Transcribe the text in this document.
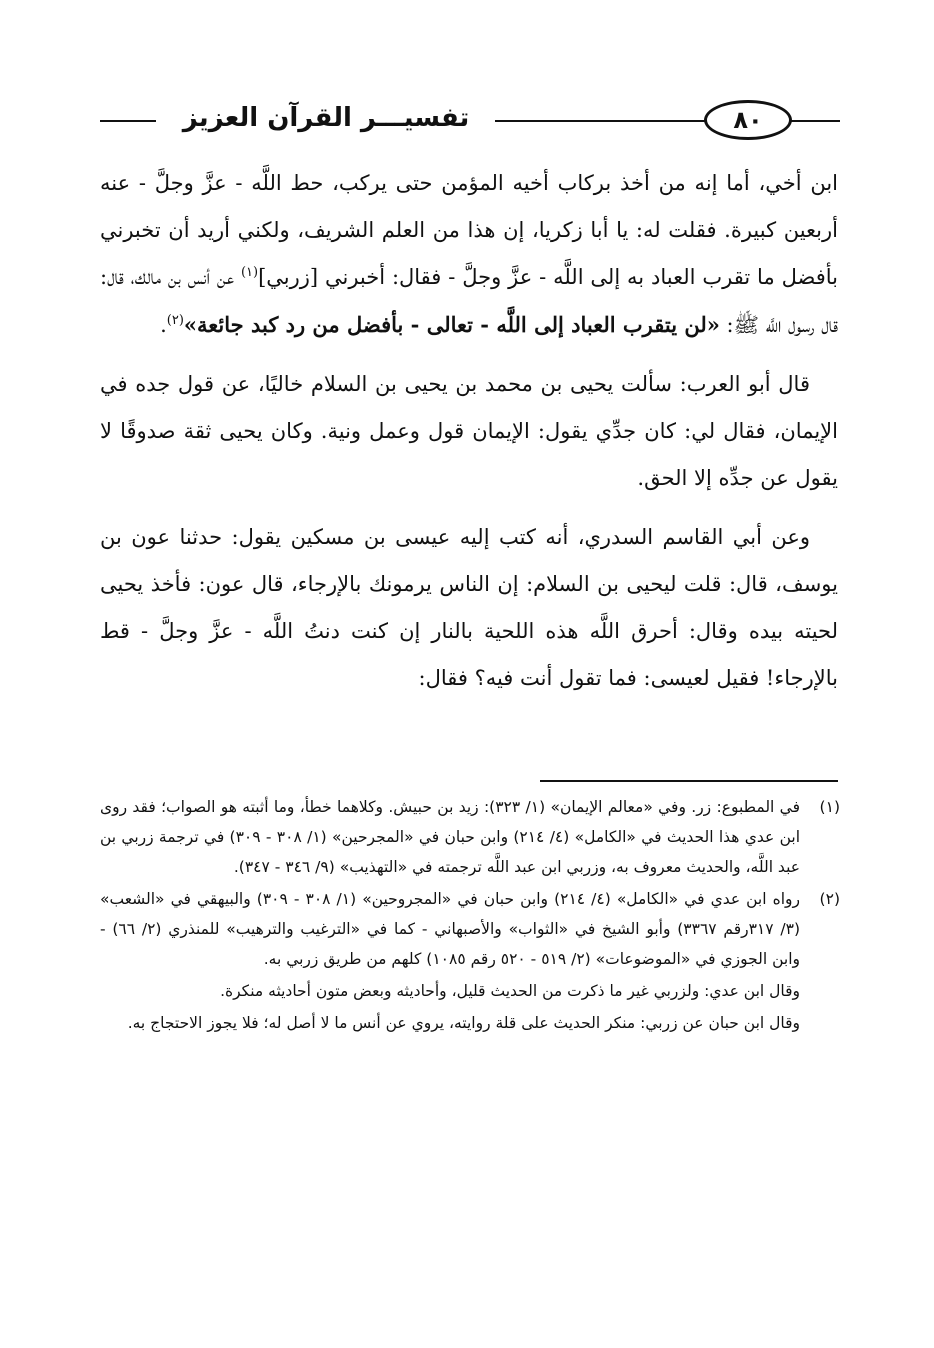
٨٠
تفسيـــر القرآن العزيز

ابن أخي، أما إنه من أخذ بركاب أخيه المؤمن حتى يركب، حط اللَّه - عزَّ وجلَّ - عنه أربعين كبيرة. فقلت له: يا أبا زكريا، إن هذا من العلم الشريف، ولكني أريد أن تخبرني بأفضل ما تقرب العباد به إلى اللَّه - عزَّ وجلَّ - فقال: أخبرني [زربي]$^{(١)}$ عن أنس بن مالك، قال: قال رسول اللَّه ﷺ: «لن يتقرب العباد إلى اللَّه - تعالى - بأفضل من رد كبد جائعة»$^{(٢)}$.

قال أبو العرب: سألت يحيى بن محمد بن يحيى بن السلام خاليًا، عن قول جده في الإيمان، فقال لي: كان جدِّي يقول: الإيمان قول وعمل ونية. وكان يحيى ثقة صدوقًا لا يقول عن جدِّه إلا الحق.

وعن أبي القاسم السدري، أنه كتب إليه عيسى بن مسكين يقول: حدثنا عون بن يوسف، قال: قلت ليحيى بن السلام: إن الناس يرمونك بالإرجاء، قال عون: فأخذ يحيى لحيته بيده وقال: أحرق اللَّه هذه اللحية بالنار إن كنت دنتُ اللَّه - عزَّ وجلَّ - قط بالإرجاء! فقيل لعيسى: فما تقول أنت فيه؟ فقال:

(١)
في المطبوع: زر. وفي «معالم الإيمان» (١/ ٣٢٣): زيد بن حبيش. وكلاهما خطأ، وما أثبته هو الصواب؛ فقد روى ابن عدي هذا الحديث في «الكامل» (٤/ ٢١٤) وابن حبان في «المجرحين» (١/ ٣٠٨ - ٣٠٩) في ترجمة زربي بن عبد اللَّه، والحديث معروف به، وزربي ابن عبد اللَّه ترجمته في «التهذيب» (٩/ ٣٤٦ - ٣٤٧).
(٢)
رواه ابن عدي في «الكامل» (٤/ ٢١٤) وابن حبان في «المجروحين» (١/ ٣٠٨ - ٣٠٩) والبيهقي في «الشعب» (٣/ ٣١٧رقم ٣٣٦٧) وأبو الشيخ في «الثواب» والأصبهاني - كما في «الترغيب والترهيب» للمنذري (٢/ ٦٦) - وابن الجوزي في «الموضوعات» (٢/ ٥١٩ - ٥٢٠ رقم ١٠٨٥) كلهم من طريق زربي به.
وقال ابن عدي: ولزربي غير ما ذكرت من الحديث قليل، وأحاديثه وبعض متون أحاديثه منكرة.
وقال ابن حبان عن زربي: منكر الحديث على قلة روايته، يروي عن أنس ما لا أصل له؛ فلا يجوز الاحتجاج به.
